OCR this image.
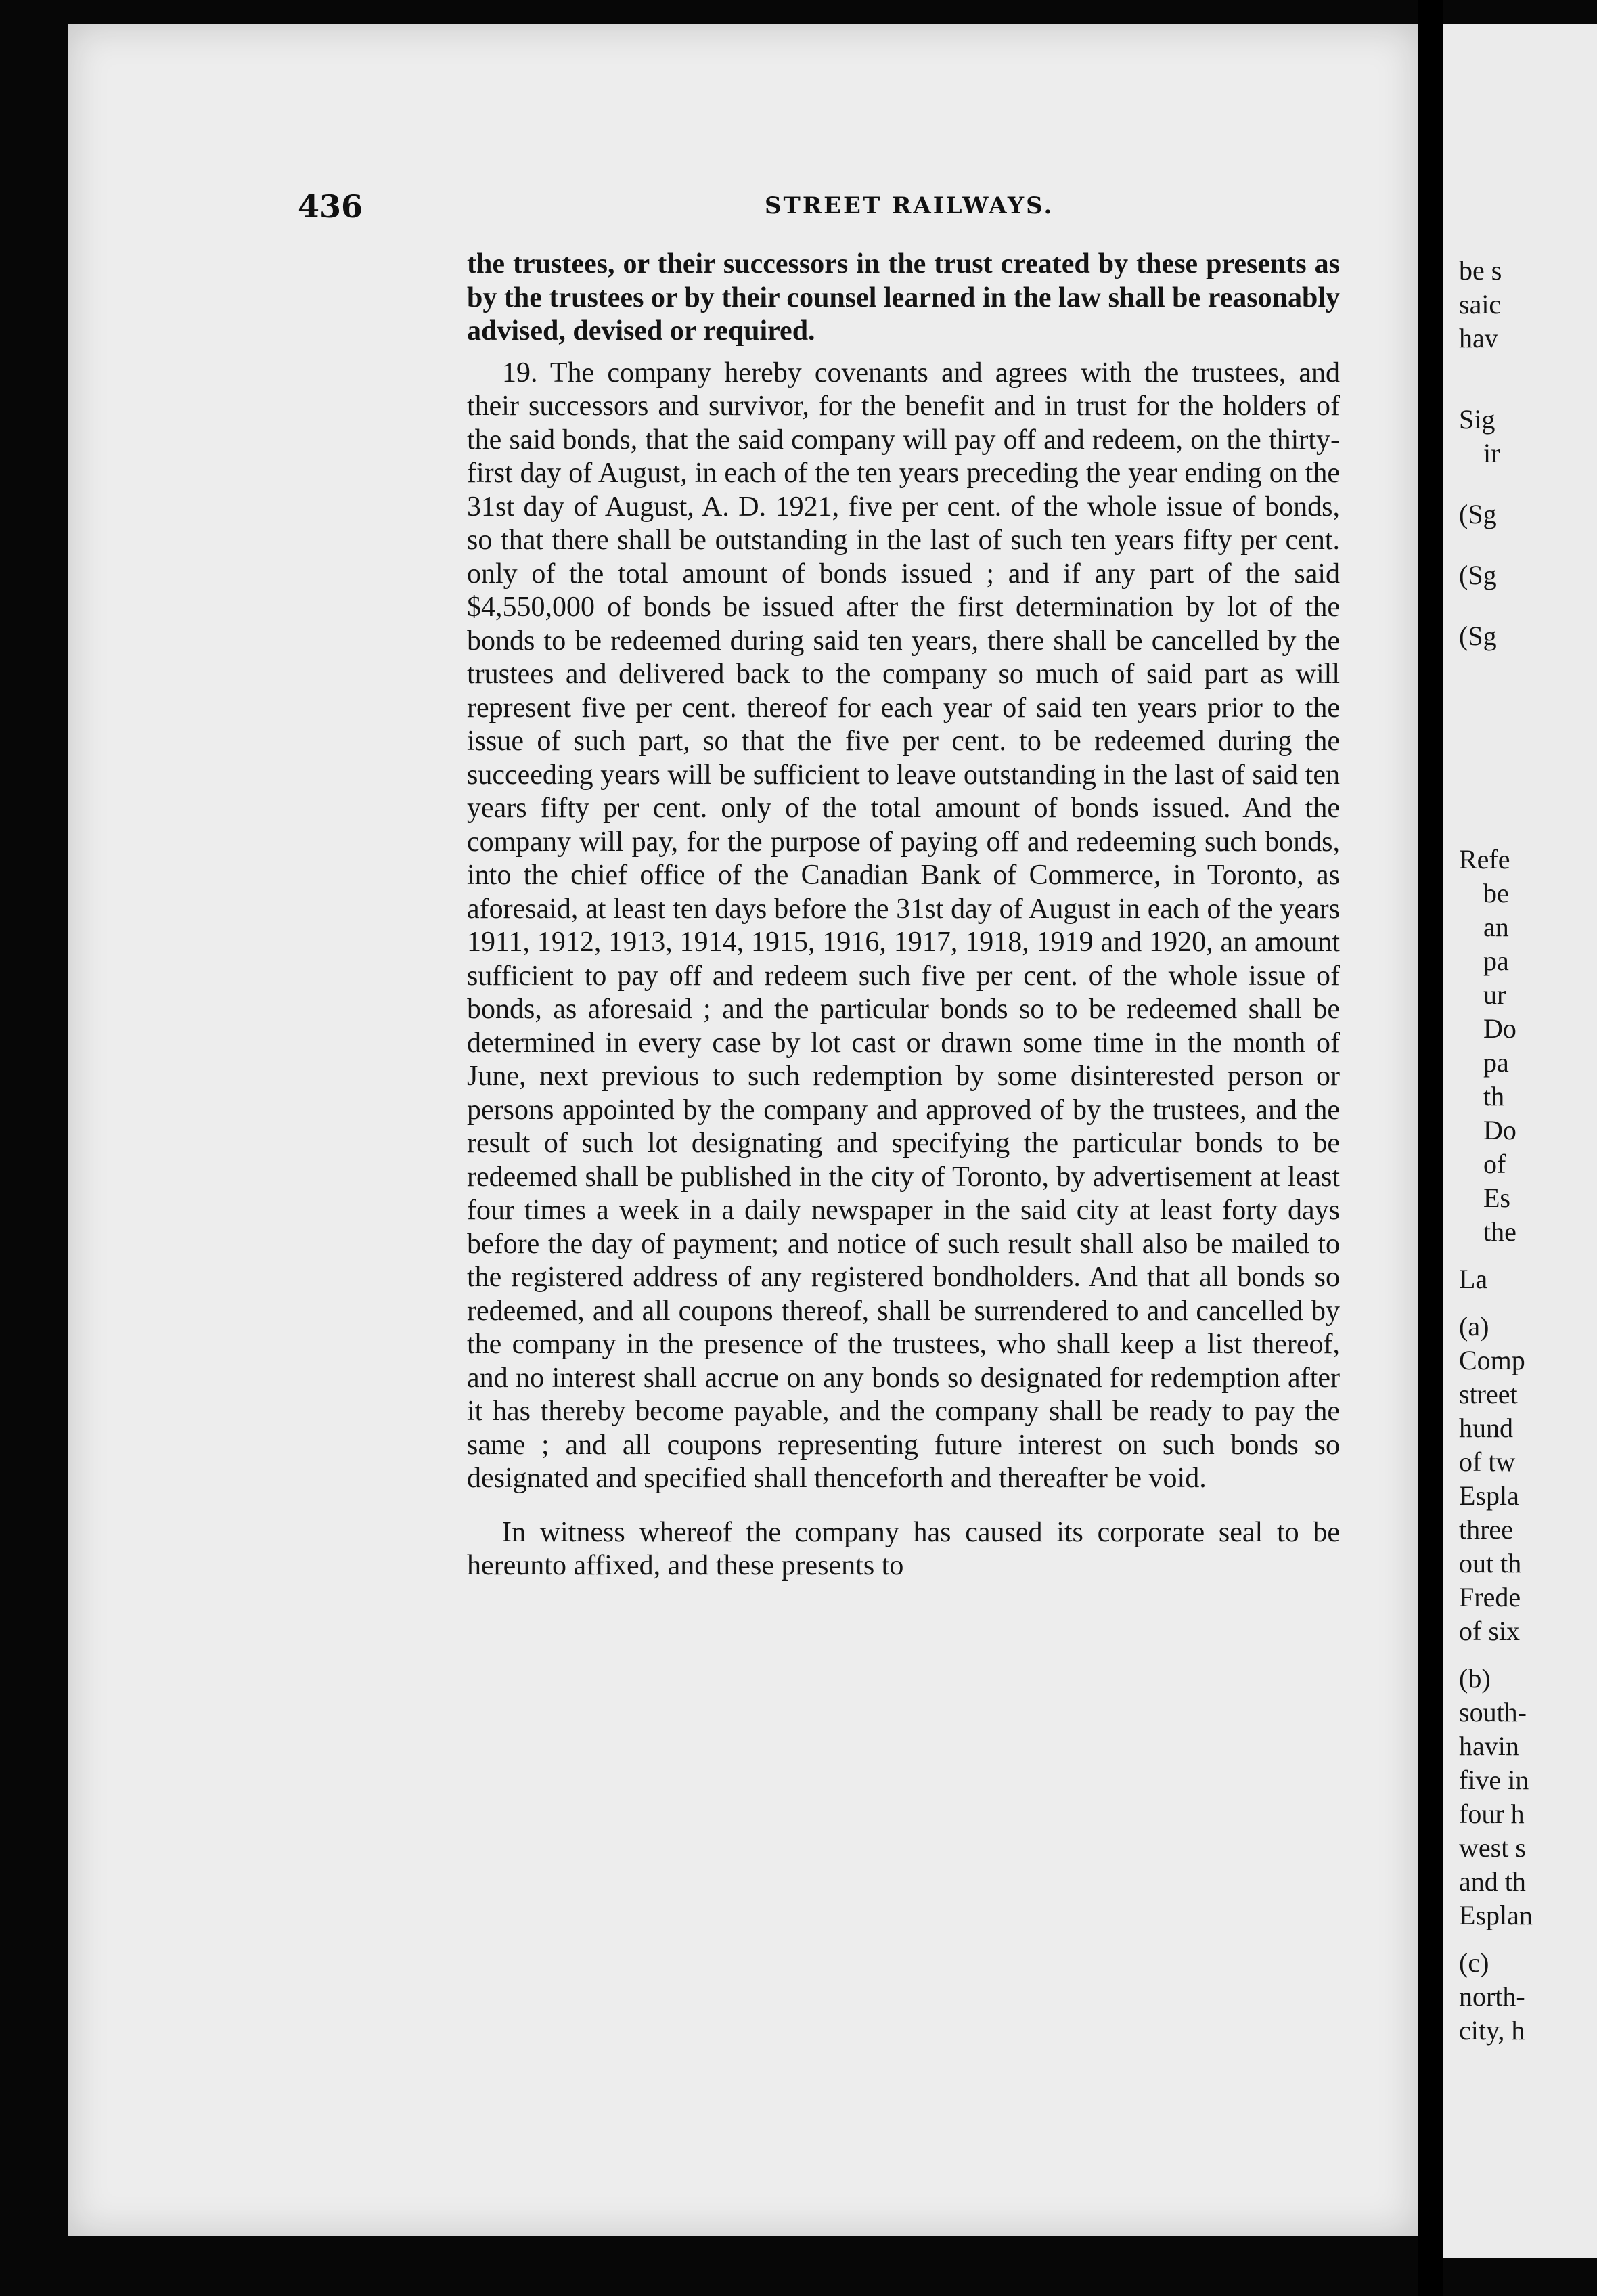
436	STREET RAILWAYS.

the trustees, or their successors in the trust created by these presents as by the trustees or by their counsel learned in the law shall be reasonably advised, devised or required.

19. The company hereby covenants and agrees with the trustees, and their successors and survivor, for the benefit and in trust for the holders of the said bonds, that the said company will pay off and redeem, on the thirty-first day of August, in each of the ten years preceding the year ending on the 31st day of August, A. D. 1921, five per cent. of the whole issue of bonds, so that there shall be outstanding in the last of such ten years fifty per cent. only of the total amount of bonds issued ; and if any part of the said $4,550,000 of bonds be issued after the first determination by lot of the bonds to be redeemed during said ten years, there shall be cancelled by the trustees and delivered back to the company so much of said part as will represent five per cent. thereof for each year of said ten years prior to the issue of such part, so that the five per cent. to be redeemed during the succeeding years will be sufficient to leave outstanding in the last of said ten years fifty per cent. only of the total amount of bonds issued. And the company will pay, for the purpose of paying off and redeeming such bonds, into the chief office of the Canadian Bank of Commerce, in Toronto, as aforesaid, at least ten days before the 31st day of August in each of the years 1911, 1912, 1913, 1914, 1915, 1916, 1917, 1918, 1919 and 1920, an amount sufficient to pay off and redeem such five per cent. of the whole issue of bonds, as aforesaid ; and the particular bonds so to be redeemed shall be determined in every case by lot cast or drawn some time in the month of June, next previous to such redemption by some disinterested person or persons appointed by the company and approved of by the trustees, and the result of such lot designating and specifying the particular bonds to be redeemed shall be published in the city of Toronto, by advertisement at least four times a week in a daily newspaper in the said city at least forty days before the day of payment; and notice of such result shall also be mailed to the registered address of any registered bondholders. And that all bonds so redeemed, and all coupons thereof, shall be surrendered to and cancelled by the company in the presence of the trustees, who shall keep a list thereof, and no interest shall accrue on any bonds so designated for redemption after it has thereby become payable, and the company shall be ready to pay the same ; and all coupons representing future interest on such bonds so designated and specified shall thenceforth and thereafter be void.

In witness whereof the company has caused its corporate seal to be hereunto affixed, and these presents to

be s
saic
hav
Sig
ir
(Sg
(Sg
(Sg
Refe
be
an
pa
ur
Do
pa
th
Do
of
Es
the
La
(a)
Comp
street
hund
of tw
Espla
three
out th
Frede
of six
(b)
south-
havin
five in
four h
west s
and th
Esplan
(c)
north-
city, h
